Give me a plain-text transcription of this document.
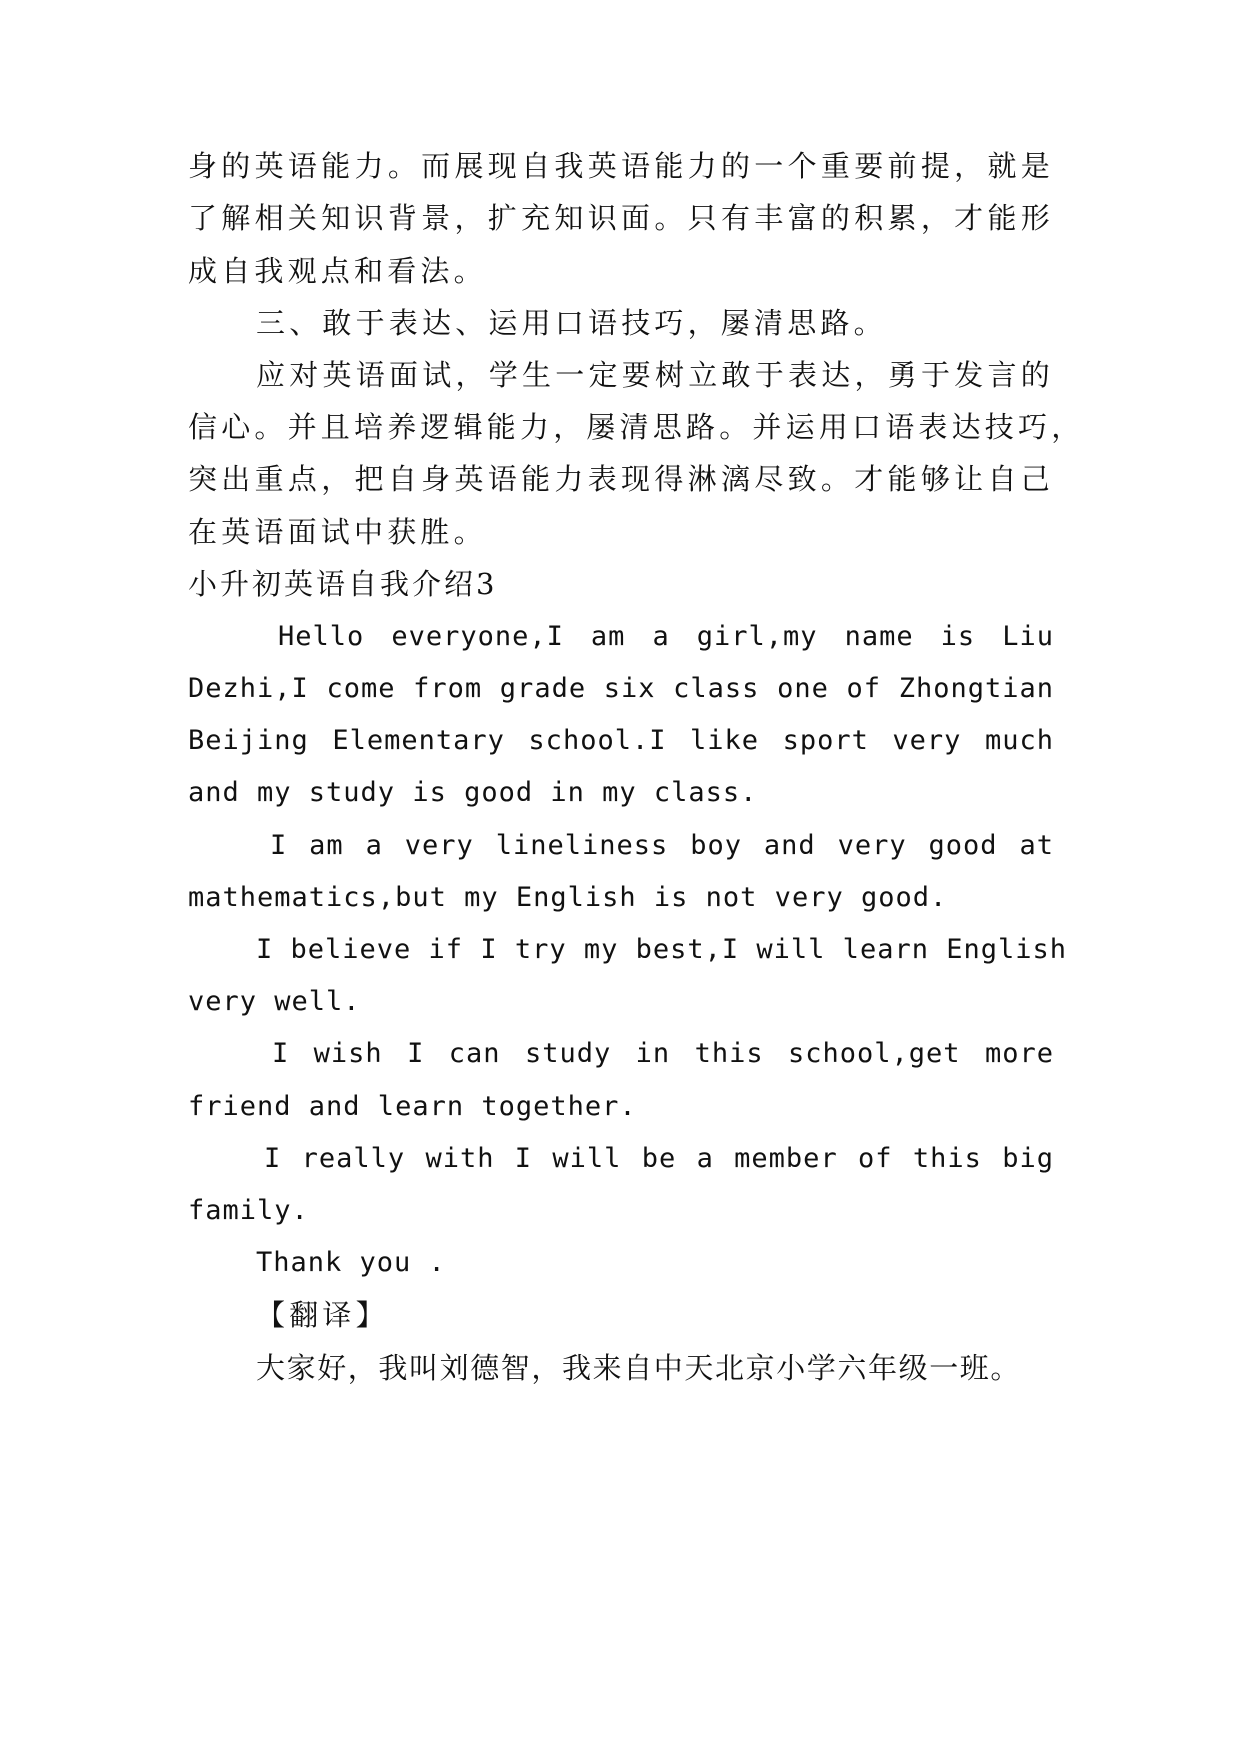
身的英语能力。而展现自我英语能力的一个重要前提，就是
了解相关知识背景，扩充知识面。只有丰富的积累，才能形
成自我观点和看法。
三、敢于表达、运用口语技巧，屡清思路。
应对英语面试，学生一定要树立敢于表达，勇于发言的
信心。并且培养逻辑能力，屡清思路。并运用口语表达技巧，
突出重点，把自身英语能力表现得淋漓尽致。才能够让自己
在英语面试中获胜。
小升初英语自我介绍3
Hello everyone,I am a girl,my name is Liu
Dezhi,I come from grade six class one of Zhongtian
Beijing Elementary school.I like sport very much
and my study is good in my class.
I am a very lineliness boy and very good at
mathematics,but my English is not very good.
I believe if I try my best,I will learn English
very well.
I wish I can study in this school,get more
friend and learn together.
I really with I will be a member of this big
family.
Thank you .
【翻译】
大家好，我叫刘德智，我来自中天北京小学六年级一班。
